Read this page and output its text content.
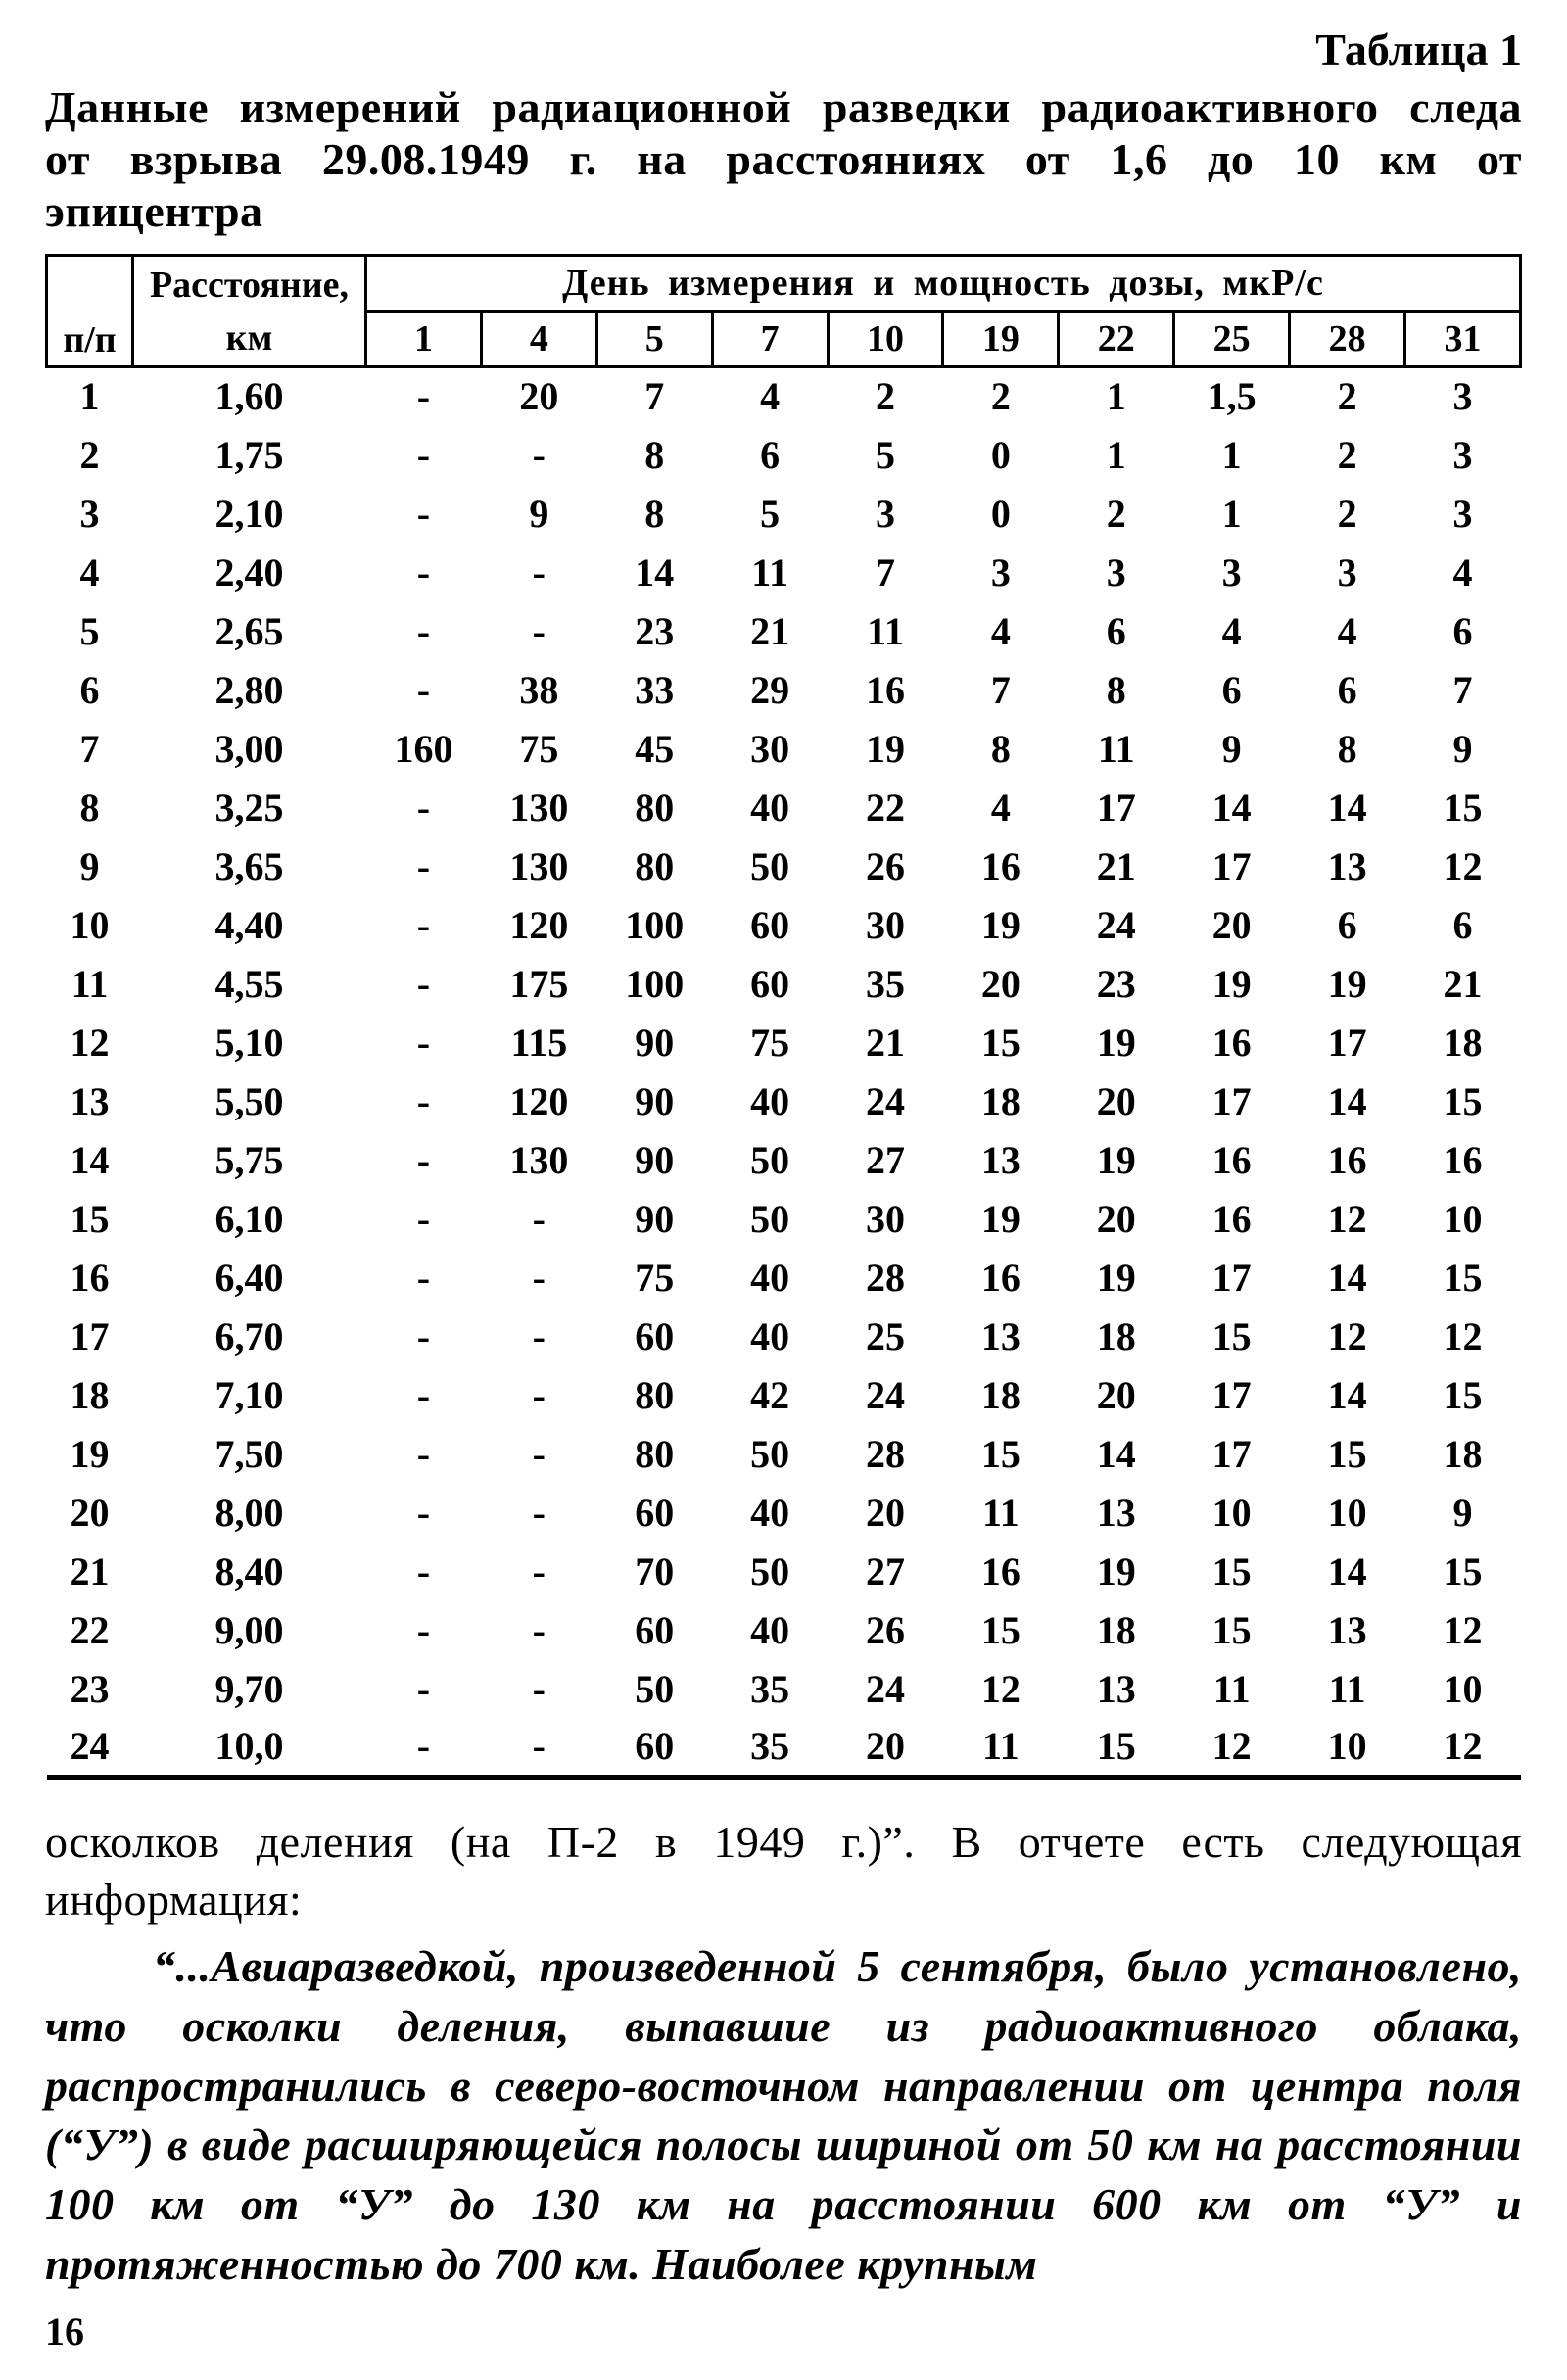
Таблица 1
Данные измерений радиационной разведки радиоактивного следа
от взрыва 29.08.1949 г. на расстояниях от 1,6 до 10 км от
эпицентра
п/п	Расстояние,
км	День измерения и мощность дозы, мкР/с									
		1	4	5	7	10	19	22	25	28	31
1	1,60	-	20	7	4	2	2	1	1,5	2	3
2	1,75	-	-	8	6	5	0	1	1	2	3
3	2,10	-	9	8	5	3	0	2	1	2	3
4	2,40	-	-	14	11	7	3	3	3	3	4
5	2,65	-	-	23	21	11	4	6	4	4	6
6	2,80	-	38	33	29	16	7	8	6	6	7
7	3,00	160	75	45	30	19	8	11	9	8	9
8	3,25	-	130	80	40	22	4	17	14	14	15
9	3,65	-	130	80	50	26	16	21	17	13	12
10	4,40	-	120	100	60	30	19	24	20	6	6
11	4,55	-	175	100	60	35	20	23	19	19	21
12	5,10	-	115	90	75	21	15	19	16	17	18
13	5,50	-	120	90	40	24	18	20	17	14	15
14	5,75	-	130	90	50	27	13	19	16	16	16
15	6,10	-	-	90	50	30	19	20	16	12	10
16	6,40	-	-	75	40	28	16	19	17	14	15
17	6,70	-	-	60	40	25	13	18	15	12	12
18	7,10	-	-	80	42	24	18	20	17	14	15
19	7,50	-	-	80	50	28	15	14	17	15	18
20	8,00	-	-	60	40	20	11	13	10	10	9
21	8,40	-	-	70	50	27	16	19	15	14	15
22	9,00	-	-	60	40	26	15	18	15	13	12
23	9,70	-	-	50	35	24	12	13	11	11	10
24	10,0	-	-	60	35	20	11	15	12	10	12

осколков деления (на П-2 в 1949 г.)”. В отчете есть следующая информация:

“...Авиаразведкой, произведенной 5 сентября, было установлено, что осколки деления, выпавшие из радиоактивного облака, распространились в северо-восточном направлении от центра поля (“У”) в виде расширяющейся полосы шириной от 50 км на расстоянии 100 км от “У” до 130 км на расстоянии 600 км от “У” и протяженностью до 700 км. Наиболее крупным

16
